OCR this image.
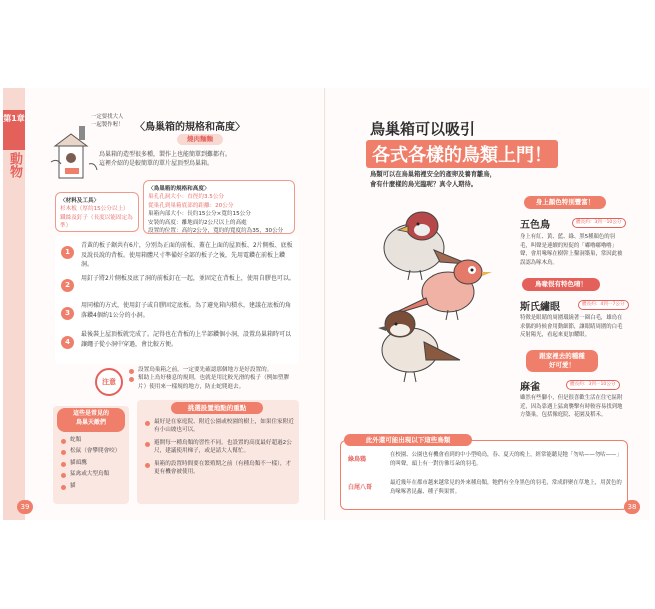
第1章
動物
一定要找大人
一起製作喔！	〈鳥巢箱的規格和高度〉
燒肉麵麵
鳥巢箱的造型很多種，製作上也能簡單到難都有。
這裡介紹的是較簡單的單片屋頂型鳥巢箱。
〈材料及工具〉
杉木板（厚約15公分以上）
鐵絲及釘子（長度以能固定為準）
〈鳥巢箱的規格和高度〉
巢孔孔洞大小：直徑約3.5公分
從巢孔到巢箱底部的距離：20公分
巢箱內部大小：長約15公分×寬約15公分
安裝的高度：離地面約2公尺以上的高處
設置的位置：高約2公分，寬約的寬度約為35，30公分
1
青黃的板子鋸共有6片，分別為正面的前板、蓋在上面的屋頂板、2片側板、底板及說長說的背板。使用箱體尺寸準備好全部的板子之後，先用電鑽在前板上鑽洞。
2
用釘子將2片側板及底了洞的前板釘在一起，並固定在背板上，使用自膠也可以。
3
用同樣的方式，使用釘子或自膠固定底板。為了避免箱內積水，建議在底板的角落鑽4個約1公分的小洞。
4
最後裝上屋頂板就完成了。記得也在背板的上半部鑽個小洞，設置鳥巢箱時可以讓繩子從小洞中穿過，會比較方便。
注意
設置鳥巢箱之前，一定要先確認那個地方是好設置的。
幫助上鳥好棲息的規則，也就是用比較光滑的板子（例如塑膠片）使用來一樣規的地方，防止蛇爬進去。
這些是常見的
鳥巢天敵們
蛇類
松鼠（會攀爬會咬）
貓頭鷹
猛禽或大型鳥類
貓
挑選設置地點的重點
最好是在家庭院、附近公園或校園的樹上，如果住家附近有小山坡也可以。
避開每一種鳥類的習性不同，也設置的高度最好超過2公尺，建議使用梯子，或是請大人幫忙。
巢箱的設置時間要在繁殖期之前（有種鳥類不一樣），才更有機會被使用。
39
鳥巢箱可以吸引
各式各樣的鳥類上門！
鳥類可以在鳥巢箱裡安全的產卵及養育雛鳥，
會有什麼樣的鳥光臨呢？真令人期待。
身上顏色特別豐富！
五色鳥	體長約：3到一10公分
身上有紅、黃、藍、綠、黑5種顏色的羽毛，叫聲是連續的短促的「嘟嚕嘟嚕嚕」聲，會用喙啄在樹幹上鑿洞築巢，常因此被誤認為啄木鳥。
鳥喙很有特色唷！
斯氏繡眼	體長約：4到一7公分
特徵是眼睛的周圍環繞著一圈白毛，雄鳥在求偶的時候會用動細節，讓眼睛周圍的白毛反射陽光，看起來更加耀眼。
跟家裡去的種種
好可愛！
麻雀	體長約：3到一10公分
雖然有些腳小，但是很喜歡生活在住宅區附近，因為靠遇上猛禽襲擊有時較容易找到地方築巢，包括像庭院、花園及稻禾。
此外還可能出現以下這些鳥類
綠鳥鴉
在校園、公園也有機會看到的中小型鳴鳥，春、夏天的晚上，經常能聽見牠「勿咕——勿咕——」的叫聲，頭上有一對彷彿耳朵的羽毛。
白尾八哥
最近幾年在都市越來越常見的外來種鳥類，牠們有全身黑色的羽毛，常成群聚在草地上，用黃色的鳥喙啄著昆蟲、種子與果實。
38
